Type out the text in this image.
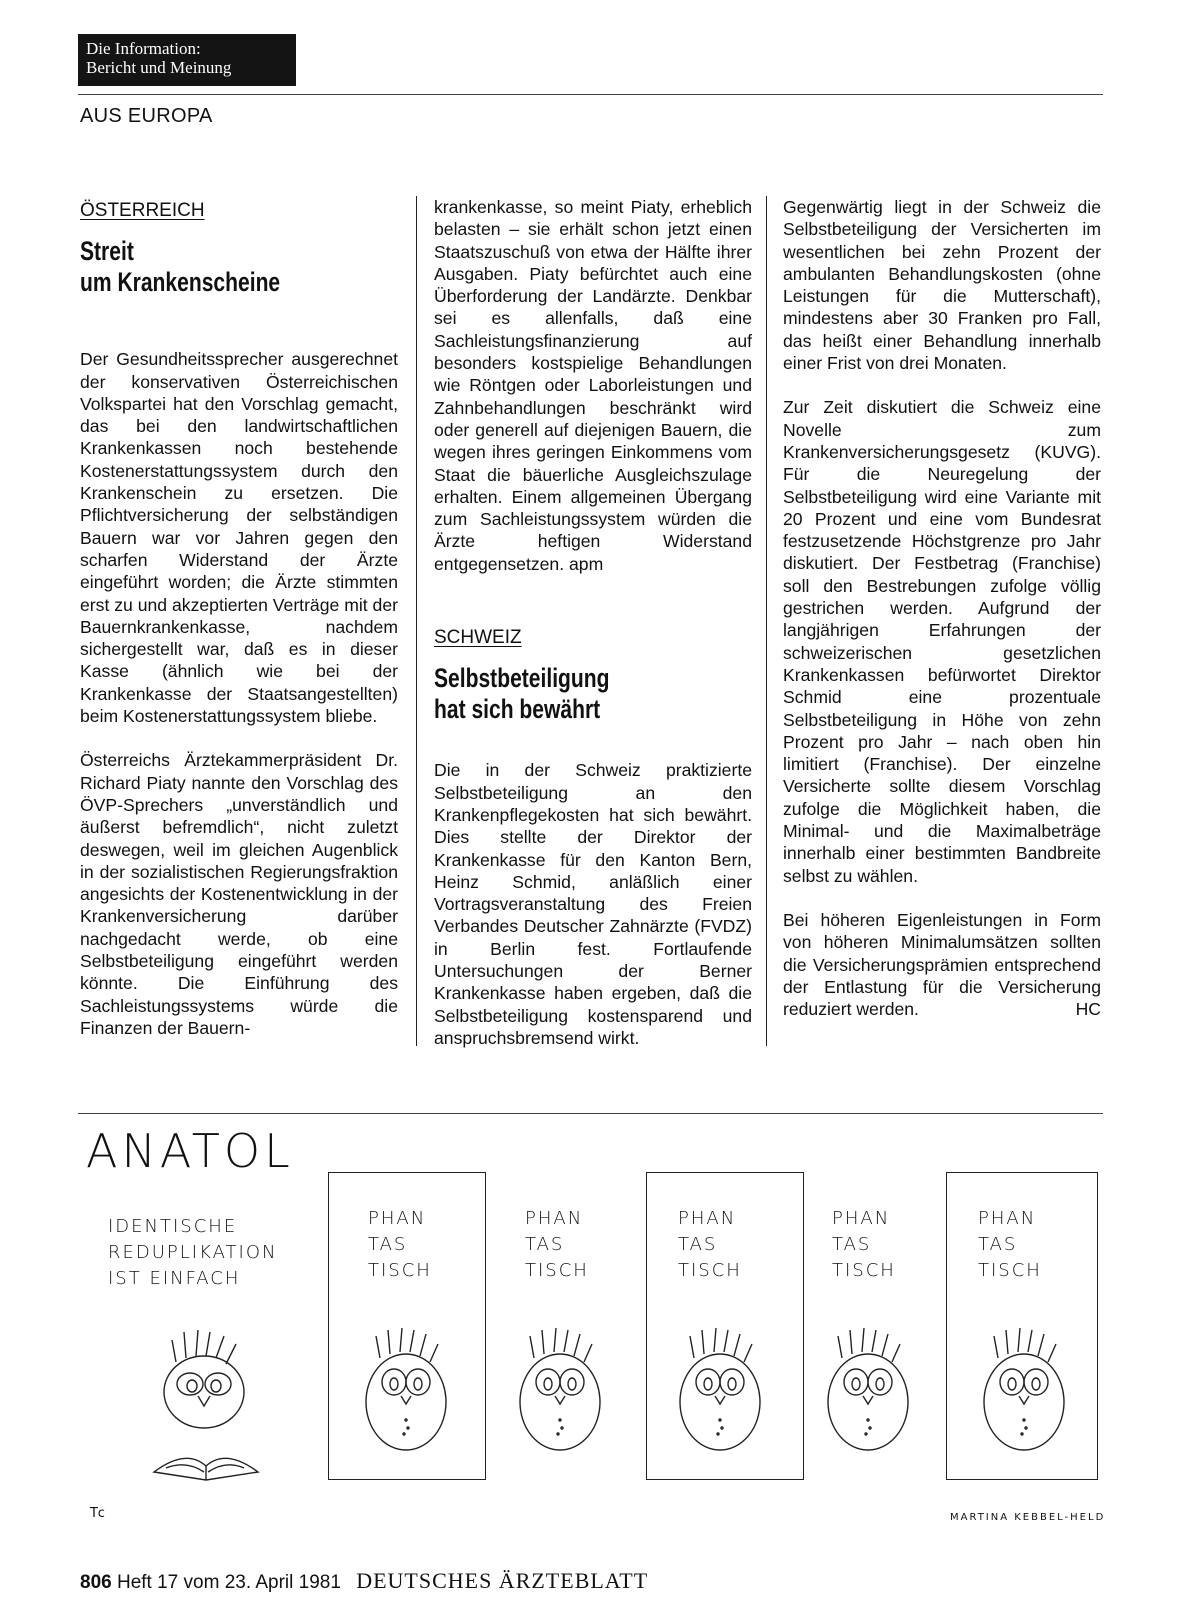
Die Information:
Bericht und Meinung
AUS EUROPA
ÖSTERREICH
Streit
um Krankenscheine

Der Gesundheitssprecher ausgerechnet der konservativen Österreichischen Volkspartei hat den Vorschlag gemacht, das bei den landwirtschaftlichen Krankenkassen noch bestehende Kostenerstattungssystem durch den Krankenschein zu ersetzen. Die Pflichtversicherung der selbständigen Bauern war vor Jahren gegen den scharfen Widerstand der Ärzte eingeführt worden; die Ärzte stimmten erst zu und akzeptierten Verträge mit der Bauernkrankenkasse, nachdem sichergestellt war, daß es in dieser Kasse (ähnlich wie bei der Krankenkasse der Staatsangestellten) beim Kostenerstattungssystem bliebe.

Österreichs Ärztekammerpräsident Dr. Richard Piaty nannte den Vorschlag des ÖVP-Sprechers „unverständlich und äußerst befremdlich“, nicht zuletzt deswegen, weil im gleichen Augenblick in der sozialistischen Regierungsfraktion angesichts der Kostenentwicklung in der Krankenversicherung darüber nachgedacht werde, ob eine Selbstbeteiligung eingeführt werden könnte. Die Einführung des Sachleistungssystems würde die Finanzen der Bauern-

krankenkasse, so meint Piaty, erheblich belasten – sie erhält schon jetzt einen Staatszuschuß von etwa der Hälfte ihrer Ausgaben. Piaty befürchtet auch eine Überforderung der Landärzte. Denkbar sei es allenfalls, daß eine Sachleistungsfinanzierung auf besonders kostspielige Behandlungen wie Röntgen oder Laborleistungen und Zahnbehandlungen beschränkt wird oder generell auf diejenigen Bauern, die wegen ihres geringen Einkommens vom Staat die bäuerliche Ausgleichszulage erhalten. Einem allgemeinen Übergang zum Sachleistungssystem würden die Ärzte heftigen Widerstand entgegensetzen. apm

SCHWEIZ
Selbstbeteiligung
hat sich bewährt

Die in der Schweiz praktizierte Selbstbeteiligung an den Krankenpflegekosten hat sich bewährt. Dies stellte der Direktor der Krankenkasse für den Kanton Bern, Heinz Schmid, anläßlich einer Vortragsveranstaltung des Freien Verbandes Deutscher Zahnärzte (FVDZ) in Berlin fest. Fortlaufende Untersuchungen der Berner Krankenkasse haben ergeben, daß die Selbstbeteiligung kostensparend und anspruchsbremsend wirkt.

Gegenwärtig liegt in der Schweiz die Selbstbeteiligung der Versicherten im wesentlichen bei zehn Prozent der ambulanten Behandlungskosten (ohne Leistungen für die Mutterschaft), mindestens aber 30 Franken pro Fall, das heißt einer Behandlung innerhalb einer Frist von drei Monaten.

Zur Zeit diskutiert die Schweiz eine Novelle zum Krankenversicherungsgesetz (KUVG). Für die Neuregelung der Selbstbeteiligung wird eine Variante mit 20 Prozent und eine vom Bundesrat festzusetzende Höchstgrenze pro Jahr diskutiert. Der Festbetrag (Franchise) soll den Bestrebungen zufolge völlig gestrichen werden. Aufgrund der langjährigen Erfahrungen der schweizerischen gesetzlichen Krankenkassen befürwortet Direktor Schmid eine prozentuale Selbstbeteiligung in Höhe von zehn Prozent pro Jahr – nach oben hin limitiert (Franchise). Der einzelne Versicherte sollte diesem Vorschlag zufolge die Möglichkeit haben, die Minimal- und die Maximalbeträge innerhalb einer bestimmten Bandbreite selbst zu wählen.

Bei höheren Eigenleistungen in Form von höheren Minimalumsätzen sollten die Versicherungsprämien entsprechend der Entlastung für die Versicherung reduziert werden.	HC

ANATOL
IDENTISCHE
REDUPLIKATION
IST EINFACH
PHAN
TAS
TISCH
PHAN
TAS
TISCH
PHAN
TAS
TISCH
PHAN
TAS
TISCH
PHAN
TAS
TISCH
Tc	MARTINA KEBBEL-HELD
806 Heft 17 vom 23. April 1981 DEUTSCHES ÄRZTEBLATT
